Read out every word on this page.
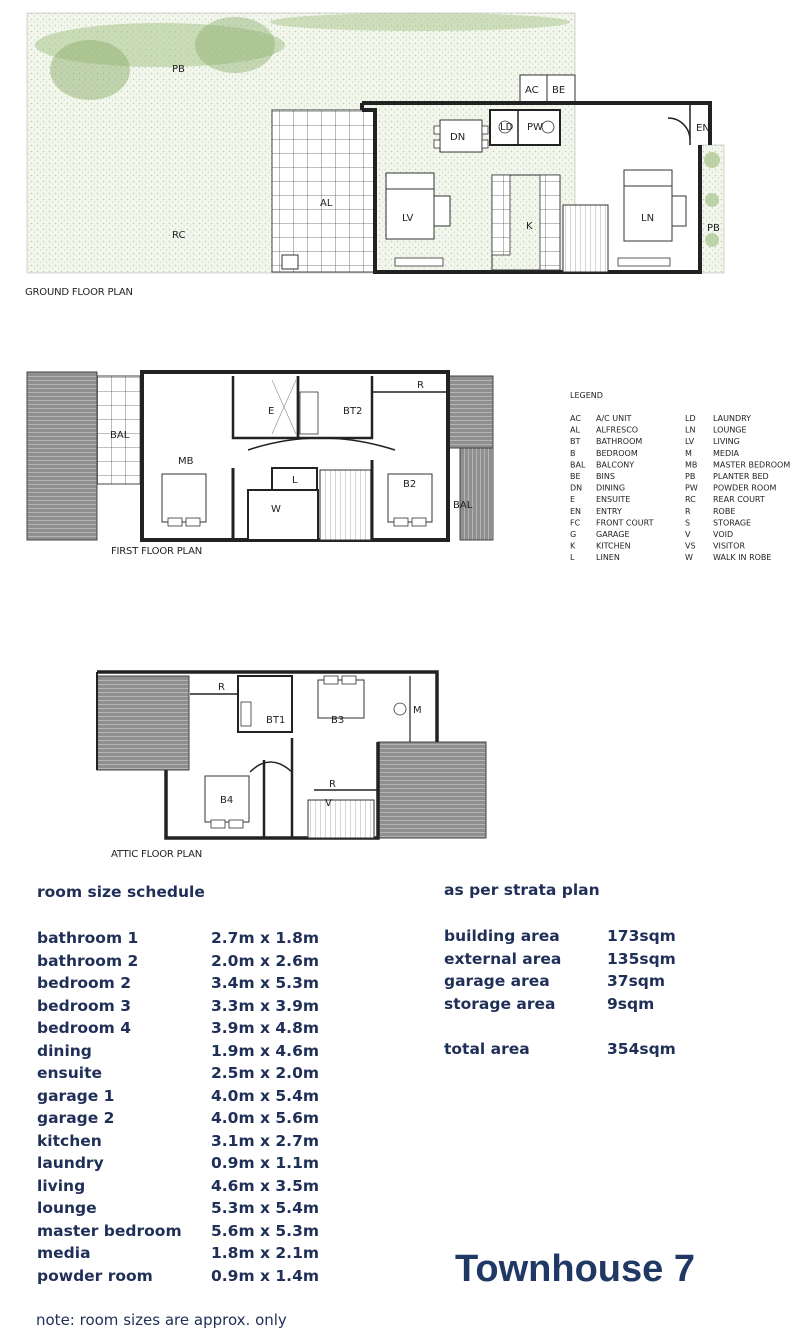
PB
RC
AL
AC BE
DN
LD PW	EN
LV
K
LN
PB
GROUND FLOOR PLAN
BAL
MB
E	BT2
R
L
W
B2
BAL
FIRST FLOOR PLAN
LEGEND
AC A/C UNIT
AL ALFRESCO
BT BATHROOM
B	BEDROOM
BAL BALCONY
BE BINS
DN DINING
E	ENSUITE
EN ENTRY
FC FRONT COURT
G GARAGE
K	KITCHEN
L	LINEN
LD LAUNDRY
LN LOUNGE
LV LIVING
M	MEDIA
MB MASTER BEDROOM
PB PLANTER BED
PW POWDER ROOM
RC REAR COURT
R	ROBE
S	STORAGE
V	VOID
VS VISITOR
W	WALK IN ROBE
R
BT1	B3
M
B4
R
V
ATTIC FLOOR PLAN
room size schedule
bathroom 1	2.7m x 1.8m
bathroom 2	2.0m x 2.6m
bedroom 2	3.4m x 5.3m
bedroom 3	3.3m x 3.9m
bedroom 4	3.9m x 4.8m
dining	1.9m x 4.6m
ensuite	2.5m x 2.0m
garage 1	4.0m x 5.4m
garage 2	4.0m x 5.6m
kitchen	3.1m x 2.7m
laundry	0.9m x 1.1m
living	4.6m x 3.5m
lounge	5.3m x 5.4m
master bedroom 5.6m x 5.3m
media	1.8m x 2.1m
powder room	0.9m x 1.4m
as per strata plan
building area	173sqm
external area	135sqm
garage area	37sqm
storage area	9sqm
total area	354sqm
Townhouse 7
note: room sizes are approx. only
